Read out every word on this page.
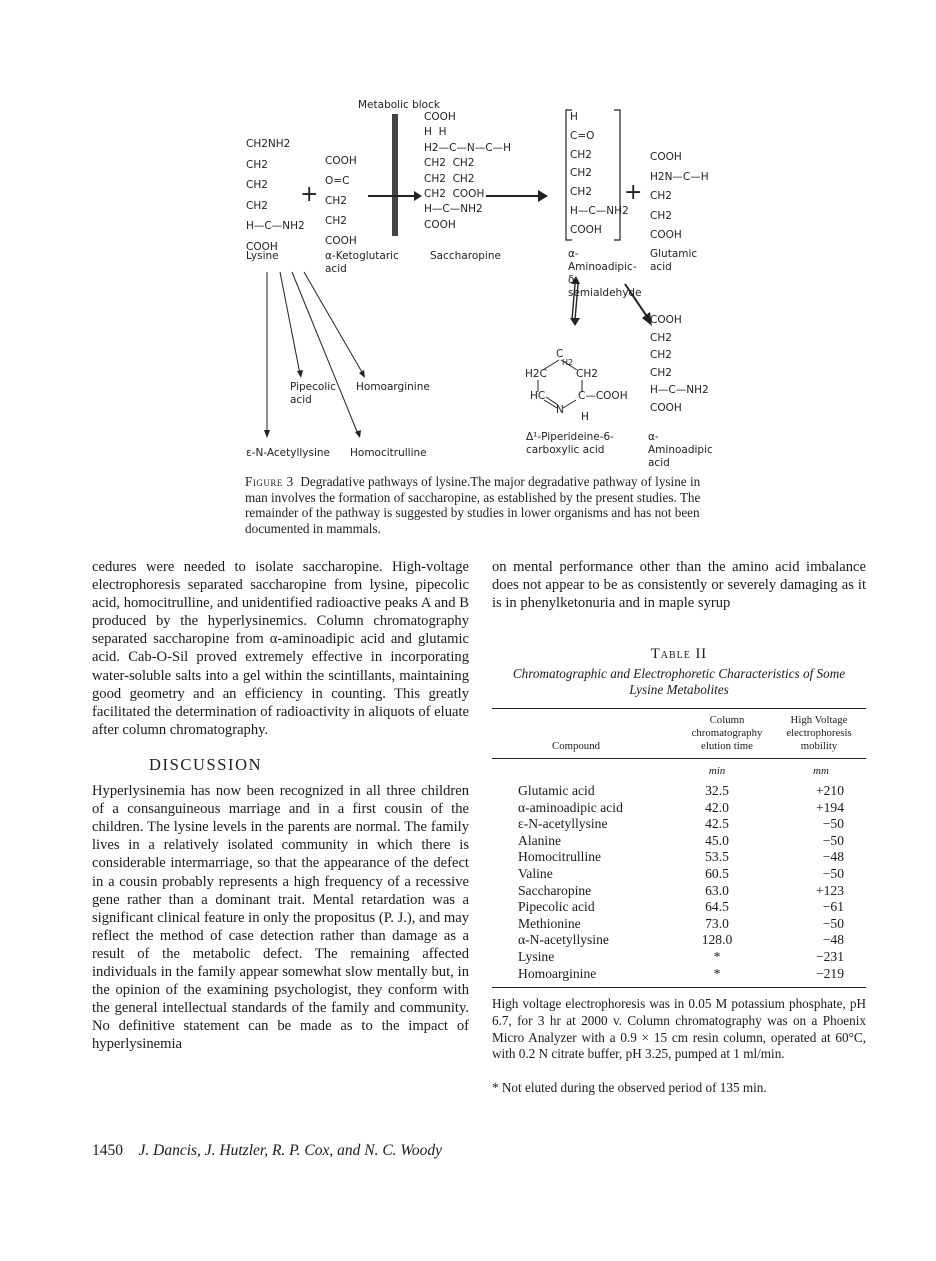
Metabolic block
CH2NH2
CH2
CH2
CH2
H—C—NH2
COOH
Lysine
+
COOH
O=C
CH2
CH2
COOH
α-Ketoglutaric acid
COOH
H  H
H2—C—N—C—H
CH2  CH2
CH2  CH2
CH2  COOH
H—C—NH2
COOH
Saccharopine
H
C=O
CH2
CH2
CH2
H—C—NH2
COOH
α-Aminoadipic-δ-semialdehyde
+
COOH
H2N—C—H
CH2
CH2
COOH
Glutamic acid
COOH
CH2
CH2
CH2
H—C—NH2
COOH
α-Aminoadipic acid
C
H2
H2C	CH2
HC	C—COOH
N
H
Δ¹-Piperideine-6-carboxylic acid
Pipecolic acid
Homoarginine
ε-N-Acetyllysine Homocitrulline
Figure 3 Degradative pathways of lysine.The major degradative pathway of lysine in man involves the formation of saccharopine, as established by the present studies. The remainder of the pathway is suggested by studies in lower organisms and has not been documented in mammals.

cedures were needed to isolate saccharopine. High-voltage electrophoresis separated saccharopine from lysine, pipecolic acid, homocitrulline, and unidentified radioactive peaks A and B produced by the hyperlysinemics. Column chromatography separated saccharopine from α-aminoadipic acid and glutamic acid. Cab-O-Sil proved extremely effective in incorporating water-soluble salts into a gel within the scintillants, maintaining good geometry and an efficiency in counting. This greatly facilitated the determination of radioactivity in aliquots of eluate after column chromatography.

DISCUSSION

Hyperlysinemia has now been recognized in all three children of a consanguineous marriage and in a first cousin of the children. The lysine levels in the parents are normal. The family lives in a relatively isolated community in which there is considerable intermarriage, so that the appearance of the defect in a cousin probably represents a high frequency of a recessive gene rather than a dominant trait. Mental retardation was a significant clinical feature in only the propositus (P. J.), and may reflect the method of case detection rather than damage as a result of the metabolic defect. The remaining affected individuals in the family appear somewhat slow mentally but, in the opinion of the examining psychologist, they conform with the general intellectual standards of the family and community. No definitive statement can be made as to the impact of hyperlysinemia

on mental performance other than the amino acid imbalance does not appear to be as consistently or severely damaging as it is in phenylketonuria and in maple syrup
Table II
Chromatographic and Electrophoretic Characteristics of Some Lysine Metabolites
Compound
Column chromatography elution time
High Voltage electrophoresis mobility
min	mm
Glutamic acid	32.5	+210
α-aminoadipic acid	42.0	+194
ε-N-acetyllysine	42.5	−50
Alanine	45.0	−50
Homocitrulline	53.5	−48
Valine	60.5	−50
Saccharopine	63.0	+123
Pipecolic acid	64.5	−61
Methionine	73.0	−50
α-N-acetyllysine	128.0	−48
Lysine	*	−231
Homoarginine	*	−219
High voltage electrophoresis was in 0.05 M potassium phosphate, pH 6.7, for 3 hr at 2000 v. Column chromatography was on a Phoenix Micro Analyzer with a 0.9 × 15 cm resin column, operated at 60°C, with 0.2 N citrate buffer, pH 3.25, pumped at 1 ml/min.
* Not eluted during the observed period of 135 min.
1450 J. Dancis, J. Hutzler, R. P. Cox, and N. C. Woody
